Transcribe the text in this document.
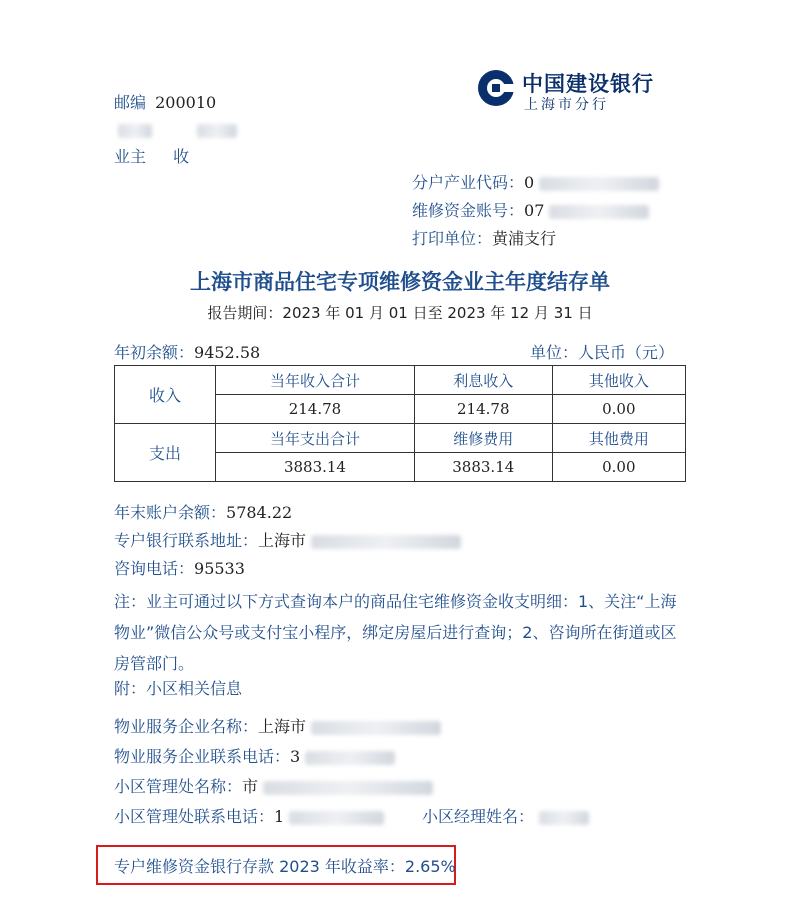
邮编 200010

业主 收
中国建设银行
上海市分行
分户产业代码：0
维修资金账号：07
打印单位：黄浦支行
上海市商品住宅专项维修资金业主年度结存单
报告期间：2023 年 01 月 01 日至 2023 年 12 月 31 日
年初余额：9452.58	单位：人民币（元）
收入	当年收入合计	利息收入	其他收入
	214.78	214.78	0.00
支出	当年支出合计	维修费用	其他费用
	3883.14	3883.14	0.00
年末账户余额：5784.22
专户银行联系地址：上海市
咨询电话：95533
注：业主可通过以下方式查询本户的商品住宅维修资金收支明细：1、关注“上海物业”微信公众号或支付宝小程序，绑定房屋后进行查询；2、咨询所在街道或区房管部门。
附：小区相关信息
物业服务企业名称：上海市
物业服务企业联系电话：3
小区管理处名称：市
小区管理处联系电话：1	小区经理姓名：
专户维修资金银行存款 2023 年收益率：2.65%
